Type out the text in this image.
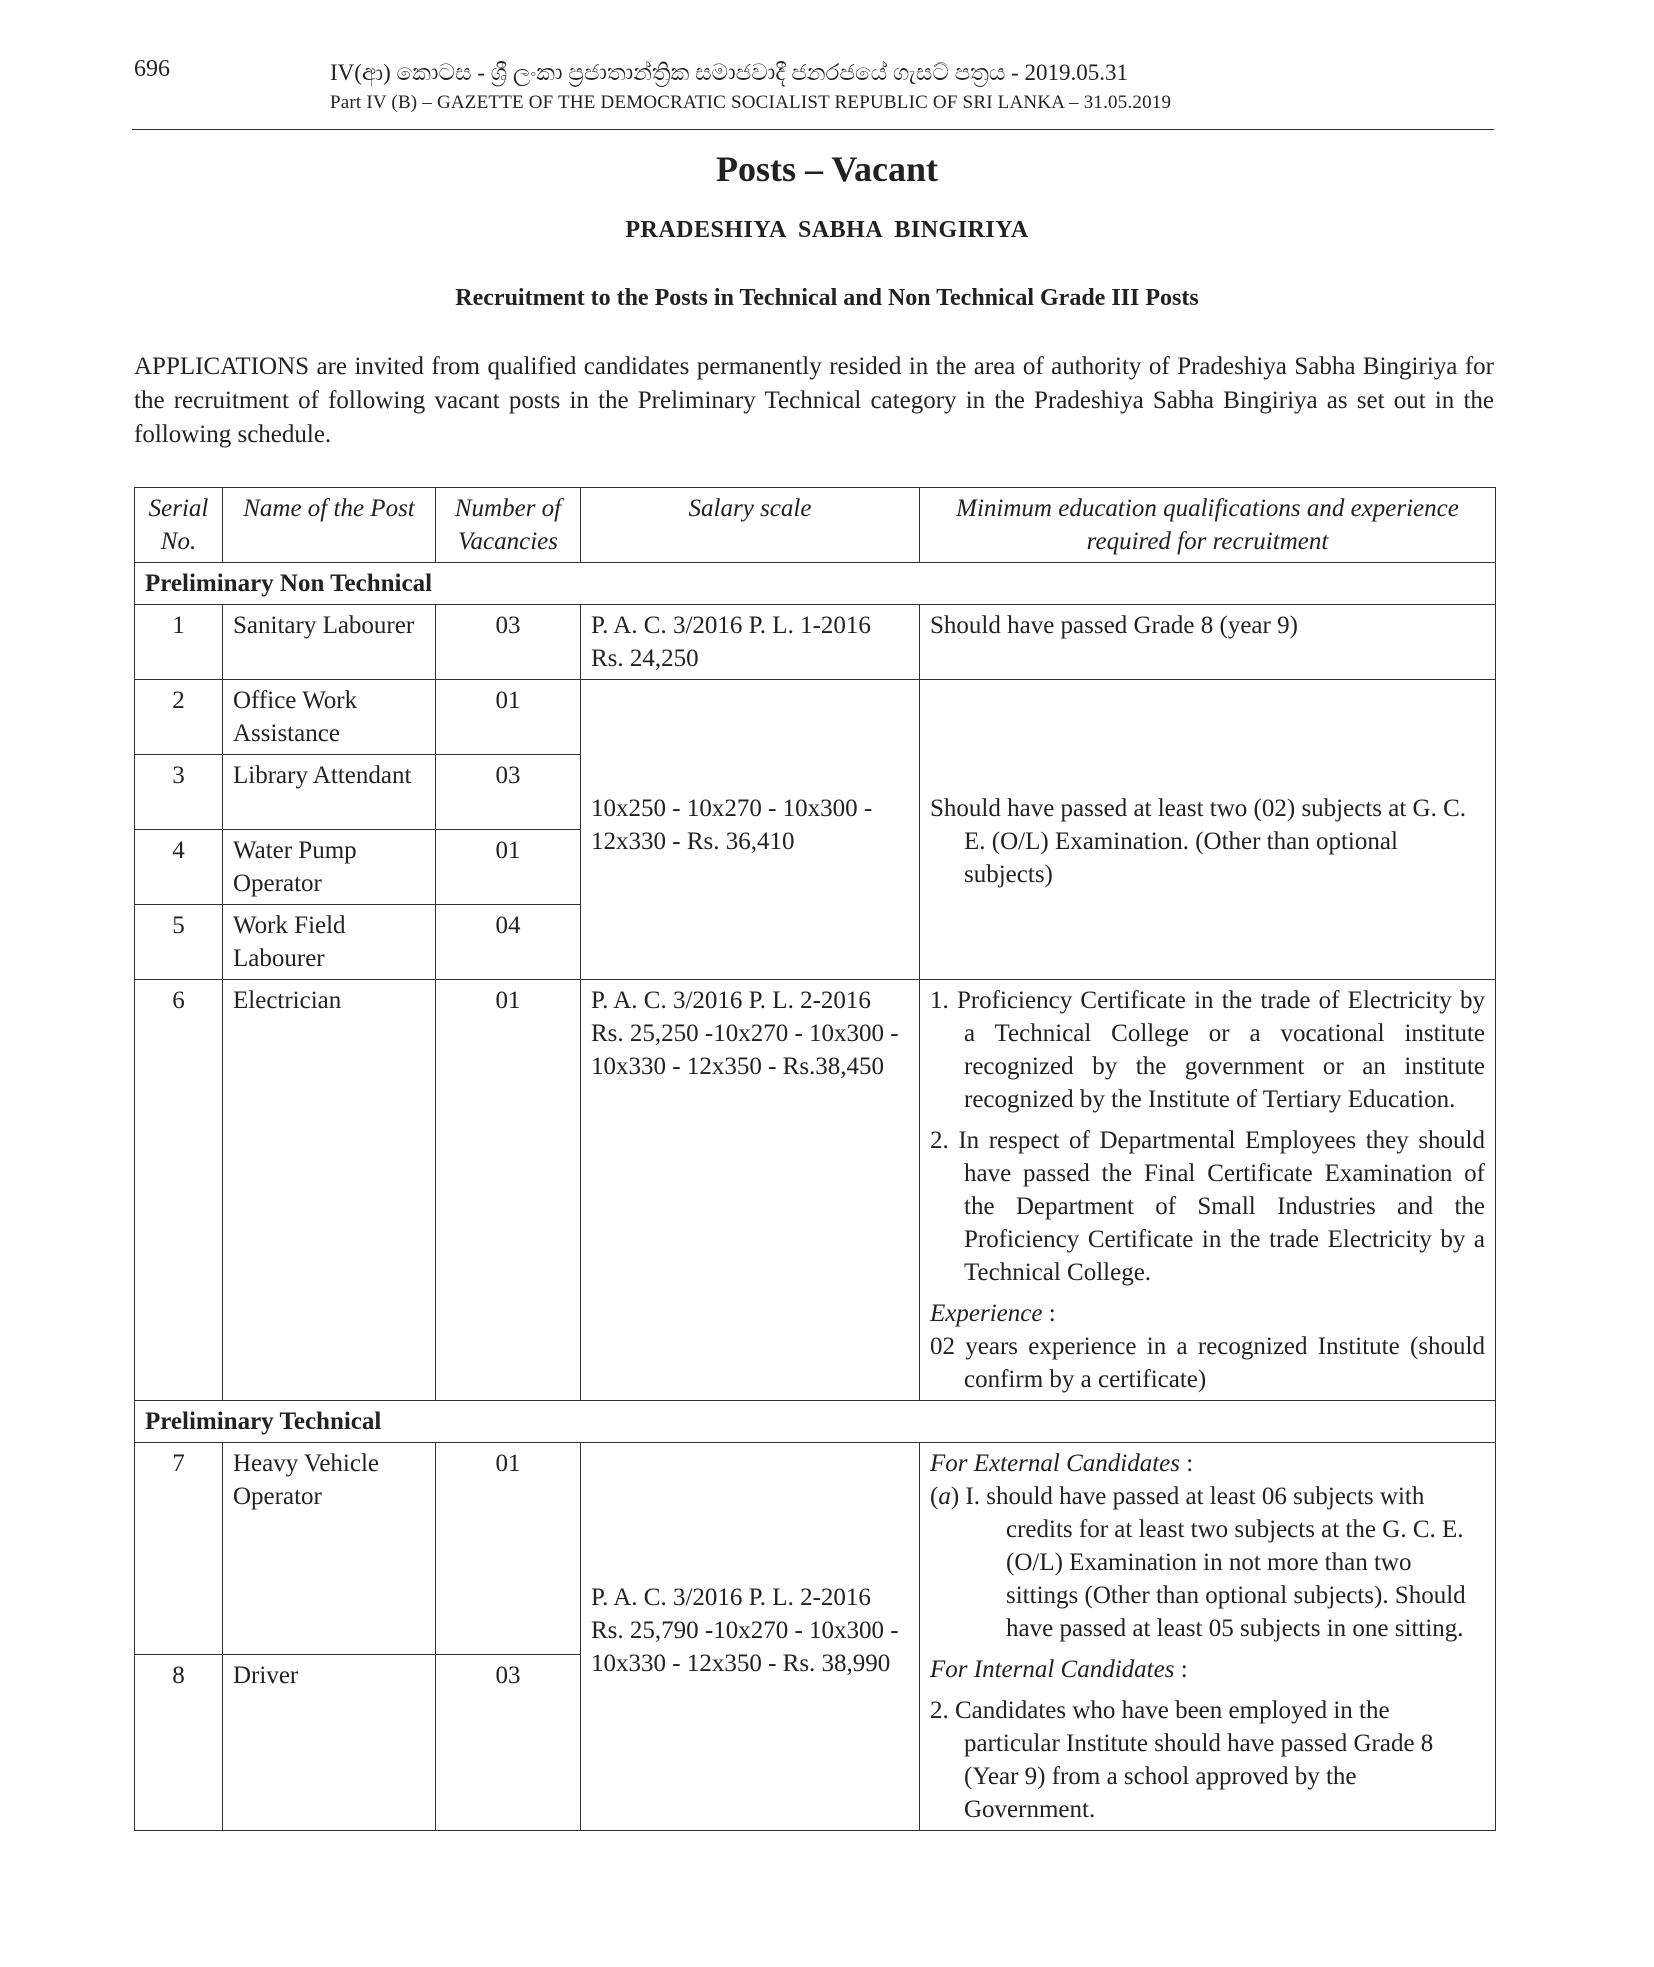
696	IV(ආ) කොටස - ශ්‍රී ලංකා ප්‍රජාතාන්ත්‍රික සමාජවාදී ජනරජයේ ගැසට් පත්‍රය - 2019.05.31
Part IV (B) – GAZETTE OF THE DEMOCRATIC SOCIALIST REPUBLIC OF SRI LANKA – 31.05.2019
Posts – Vacant
PRADESHIYA SABHA BINGIRIYA
Recruitment to the Posts in Technical and Non Technical Grade III Posts
APPLICATIONS are invited from qualified candidates permanently resided in the area of authority of Pradeshiya Sabha Bingiriya for the recruitment of following vacant posts in the Preliminary Technical category in the Pradeshiya Sabha Bingiriya as set out in the following schedule.
Serial No.	Name of the Post	Number of Vacancies	Salary scale	Minimum education qualifications and experience required for recruitment
Preliminary Non Technical				
1	Sanitary Labourer	03	P. A. C. 3/2016 P. L. 1-2016 Rs. 24,250	Should have passed Grade 8 (year 9)
2	Office Work Assistance	01	10x250 - 10x270 - 10x300 - 12x330 - Rs. 36,410	Should have passed at least two (02) subjects at G. C. E. (O/L) Examination. (Other than optional subjects)

3	Library Attendant	03		
4	Water Pump Operator	01		
5	Work Field Labourer	04		
6	Electrician	01	P. A. C. 3/2016 P. L. 2-2016 Rs. 25,250 -10x270 - 10x300 - 10x330 - 12x350 - Rs.38,450	1. Proficiency Certificate in the trade of Electricity by a Technical College or a vocational institute recognized by the government or an institute recognized by the Institute of Tertiary Education.
2. In respect of Departmental Employees they should have passed the Final Certificate Examination of the Department of Small Industries and the Proficiency Certificate in the trade Electricity by a Technical College.
Experience :
02 years experience in a recognized Institute (should confirm by a certificate)

Preliminary Technical				
7	Heavy Vehicle Operator	01	P. A. C. 3/2016 P. L. 2-2016 Rs. 25,790 -10x270 - 10x300 - 10x330 - 12x350 - Rs. 38,990	For External Candidates :
(a) I. should have passed at least 06 subjects with credits for at least two subjects at the G. C. E. (O/L) Examination in not more than two sittings (Other than optional subjects). Should have passed at least 05 subjects in one sitting.
For Internal Candidates :
2. Candidates who have been employed in the particular Institute should have passed Grade 8 (Year 9) from a school approved by the Government.

8	Driver	03		
